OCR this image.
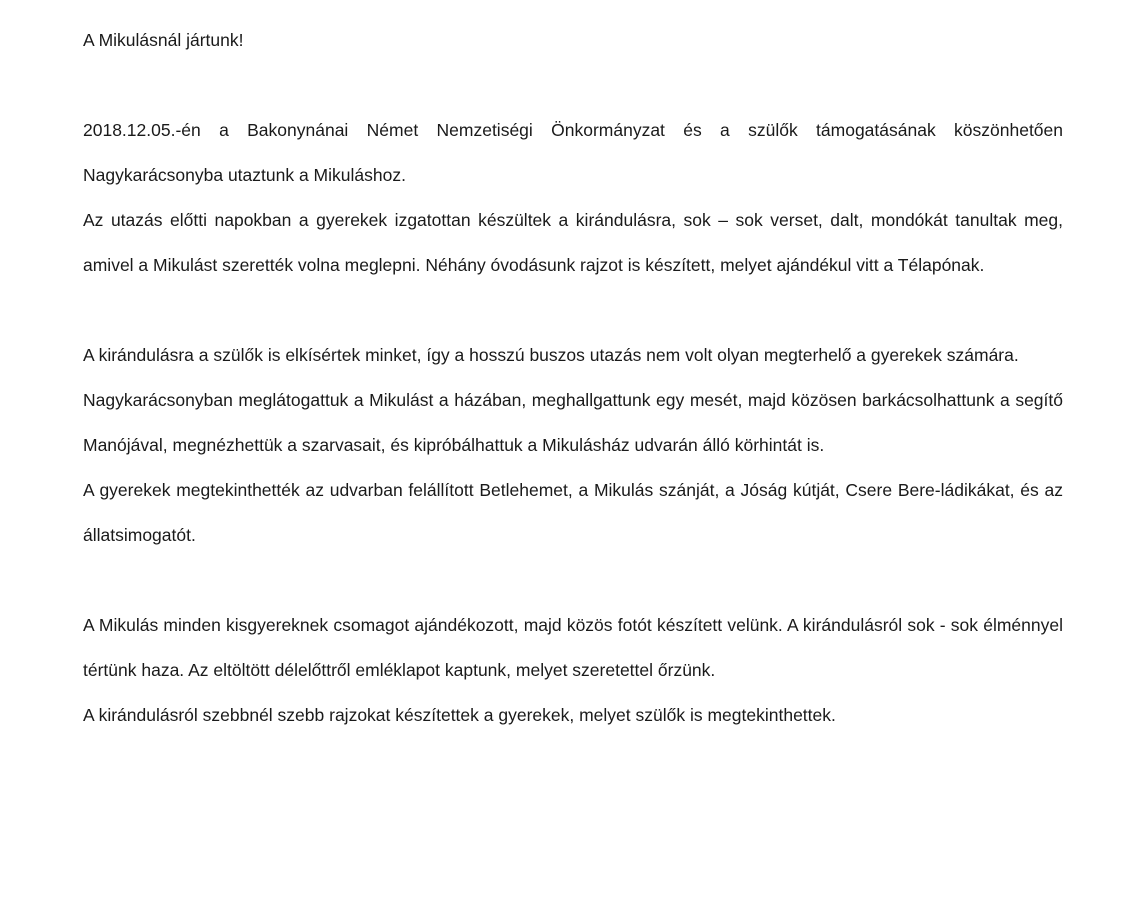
A Mikulásnál jártunk!

2018.12.05.-én a Bakonynánai Német Nemzetiségi Önkormányzat és a szülők támogatásának köszönhetően Nagykarácsonyba utaztunk a Mikuláshoz.

Az utazás előtti napokban a gyerekek izgatottan készültek a kirándulásra, sok – sok verset, dalt, mondókát tanultak meg, amivel a Mikulást szerették volna meglepni. Néhány óvodásunk rajzot is készített, melyet ajándékul vitt a Télapónak.

A kirándulásra a szülők is elkísértek minket, így a hosszú buszos utazás nem volt olyan megterhelő a gyerekek számára.

Nagykarácsonyban meglátogattuk a Mikulást a házában, meghallgattunk egy mesét, majd közösen barkácsolhattunk a segítő Manójával, megnézhettük a szarvasait, és kipróbálhattuk a Mikulásház udvarán álló körhintát is.

A gyerekek megtekinthették az udvarban felállított Betlehemet, a Mikulás szánját, a Jóság kútját, Csere Bere-ládikákat, és az állatsimogatót.

A Mikulás minden kisgyereknek csomagot ajándékozott, majd közös fotót készített velünk. A kirándulásról sok - sok élménnyel tértünk haza. Az eltöltött délelőttről emléklapot kaptunk, melyet szeretettel őrzünk.

A kirándulásról szebbnél szebb rajzokat készítettek a gyerekek, melyet szülők is megtekinthettek.
